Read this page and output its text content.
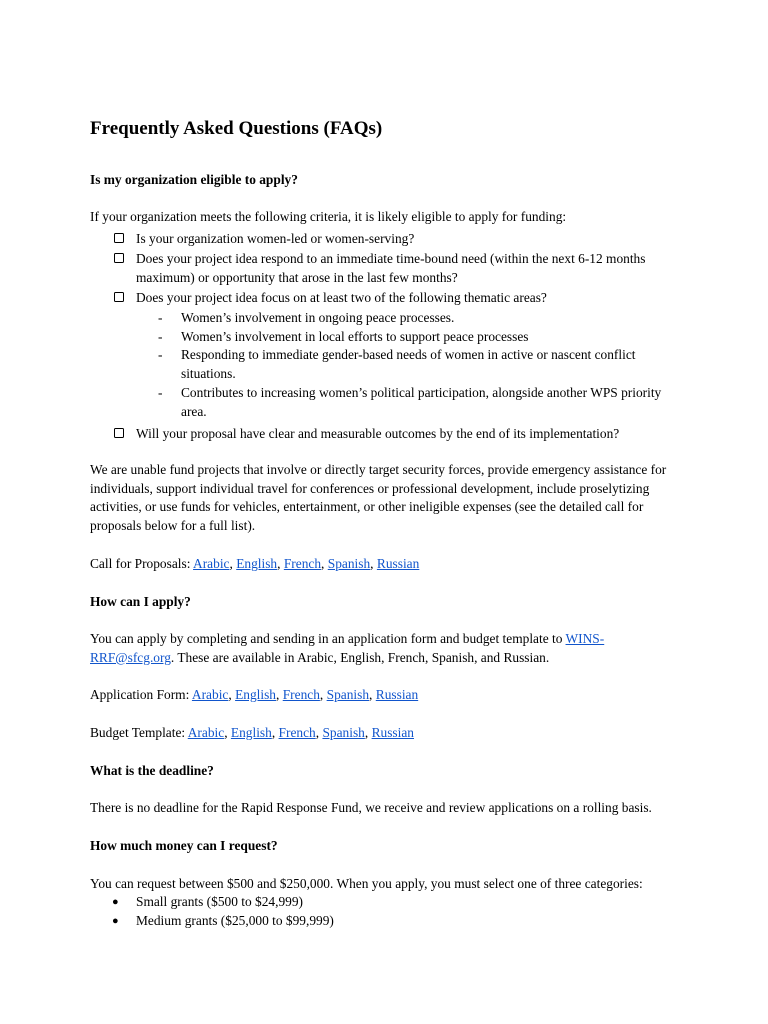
Frequently Asked Questions (FAQs)

Is my organization eligible to apply?

If your organization meets the following criteria, it is likely eligible to apply for funding:

Is your organization women-led or women-serving?
Does your project idea respond to an immediate time-bound need (within the next 6-12 months maximum) or opportunity that arose in the last few months?
Does your project idea focus on at least two of the following thematic areas?
- Women’s involvement in ongoing peace processes.
- Women’s involvement in local efforts to support peace processes
- Responding to immediate gender-based needs of women in active or nascent conflict situations.
- Contributes to increasing women’s political participation, alongside another WPS priority area.
Will your proposal have clear and measurable outcomes by the end of its implementation?

We are unable fund projects that involve or directly target security forces, provide emergency assistance for individuals, support individual travel for conferences or professional development, include proselytizing activities, or use funds for vehicles, entertainment, or other ineligible expenses (see the detailed call for proposals below for a full list).

Call for Proposals: Arabic, English, French, Spanish, Russian

How can I apply?

You can apply by completing and sending in an application form and budget template to WINS-RRF@sfcg.org. These are available in Arabic, English, French, Spanish, and Russian.

Application Form: Arabic, English, French, Spanish, Russian

Budget Template: Arabic, English, French, Spanish, Russian

What is the deadline?

There is no deadline for the Rapid Response Fund, we receive and review applications on a rolling basis.

How much money can I request?

You can request between $500 and $250,000. When you apply, you must select one of three categories:

● Small grants ($500 to $24,999)
● Medium grants ($25,000 to $99,999)
